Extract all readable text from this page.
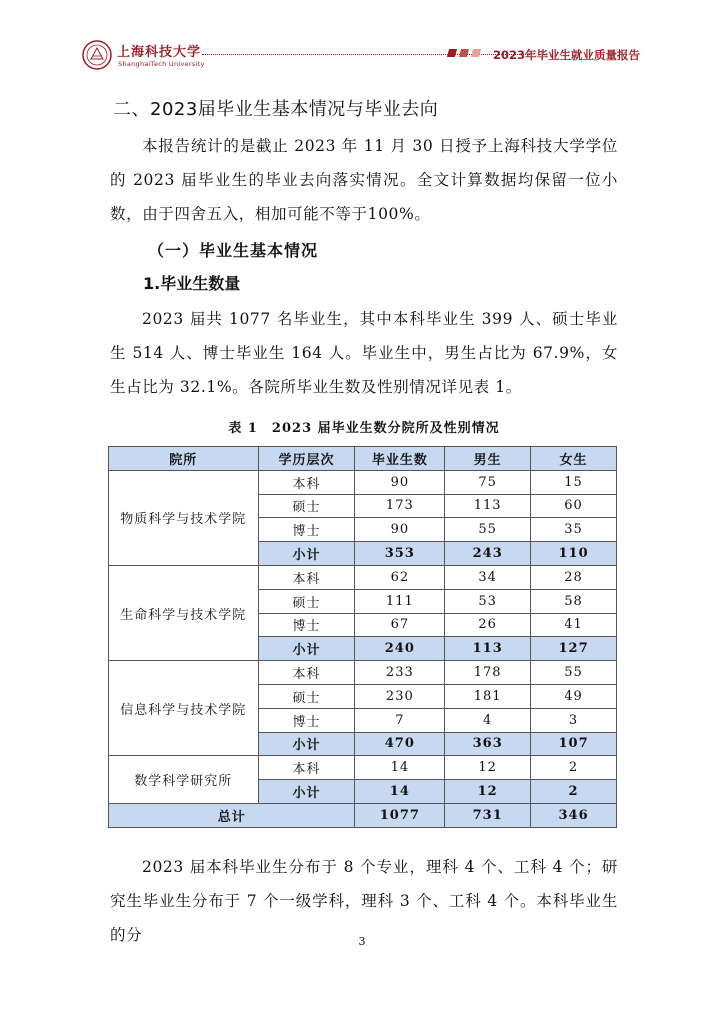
上海科技大学
ShanghaiTech University
2023年毕业生就业质量报告
二、2023届毕业生基本情况与毕业去向
本报告统计的是截止 2023 年 11 月 30 日授予上海科技大学学位的 2023 届毕业生的毕业去向落实情况。全文计算数据均保留一位小数，由于四舍五入，相加可能不等于100%。
（一）毕业生基本情况
1.毕业生数量
2023 届共 1077 名毕业生，其中本科毕业生 399 人、硕士毕业生 514 人、博士毕业生 164 人。毕业生中，男生占比为 67.9%，女生占比为 32.1%。各院所毕业生数及性别情况详见表 1。
表 1　2023 届毕业生数分院所及性别情况
院所	学历层次	毕业生数	男生	女生
物质科学与技术学院	本科	90	75	15
	硕士	173	113	60
	博士	90	55	35
	小计	353	243	110
生命科学与技术学院	本科	62	34	28
	硕士	111	53	58
	博士	67	26	41
	小计	240	113	127
信息科学与技术学院	本科	233	178	55
	硕士	230	181	49
	博士	7	4	3
	小计	470	363	107
数学科学研究所	本科	14	12	2
	小计	14	12	2
总计		1077	731	346
2023 届本科毕业生分布于 8 个专业，理科 4 个、工科 4 个；研究生毕业生分布于 7 个一级学科，理科 3 个、工科 4 个。本科毕业生的分	3
